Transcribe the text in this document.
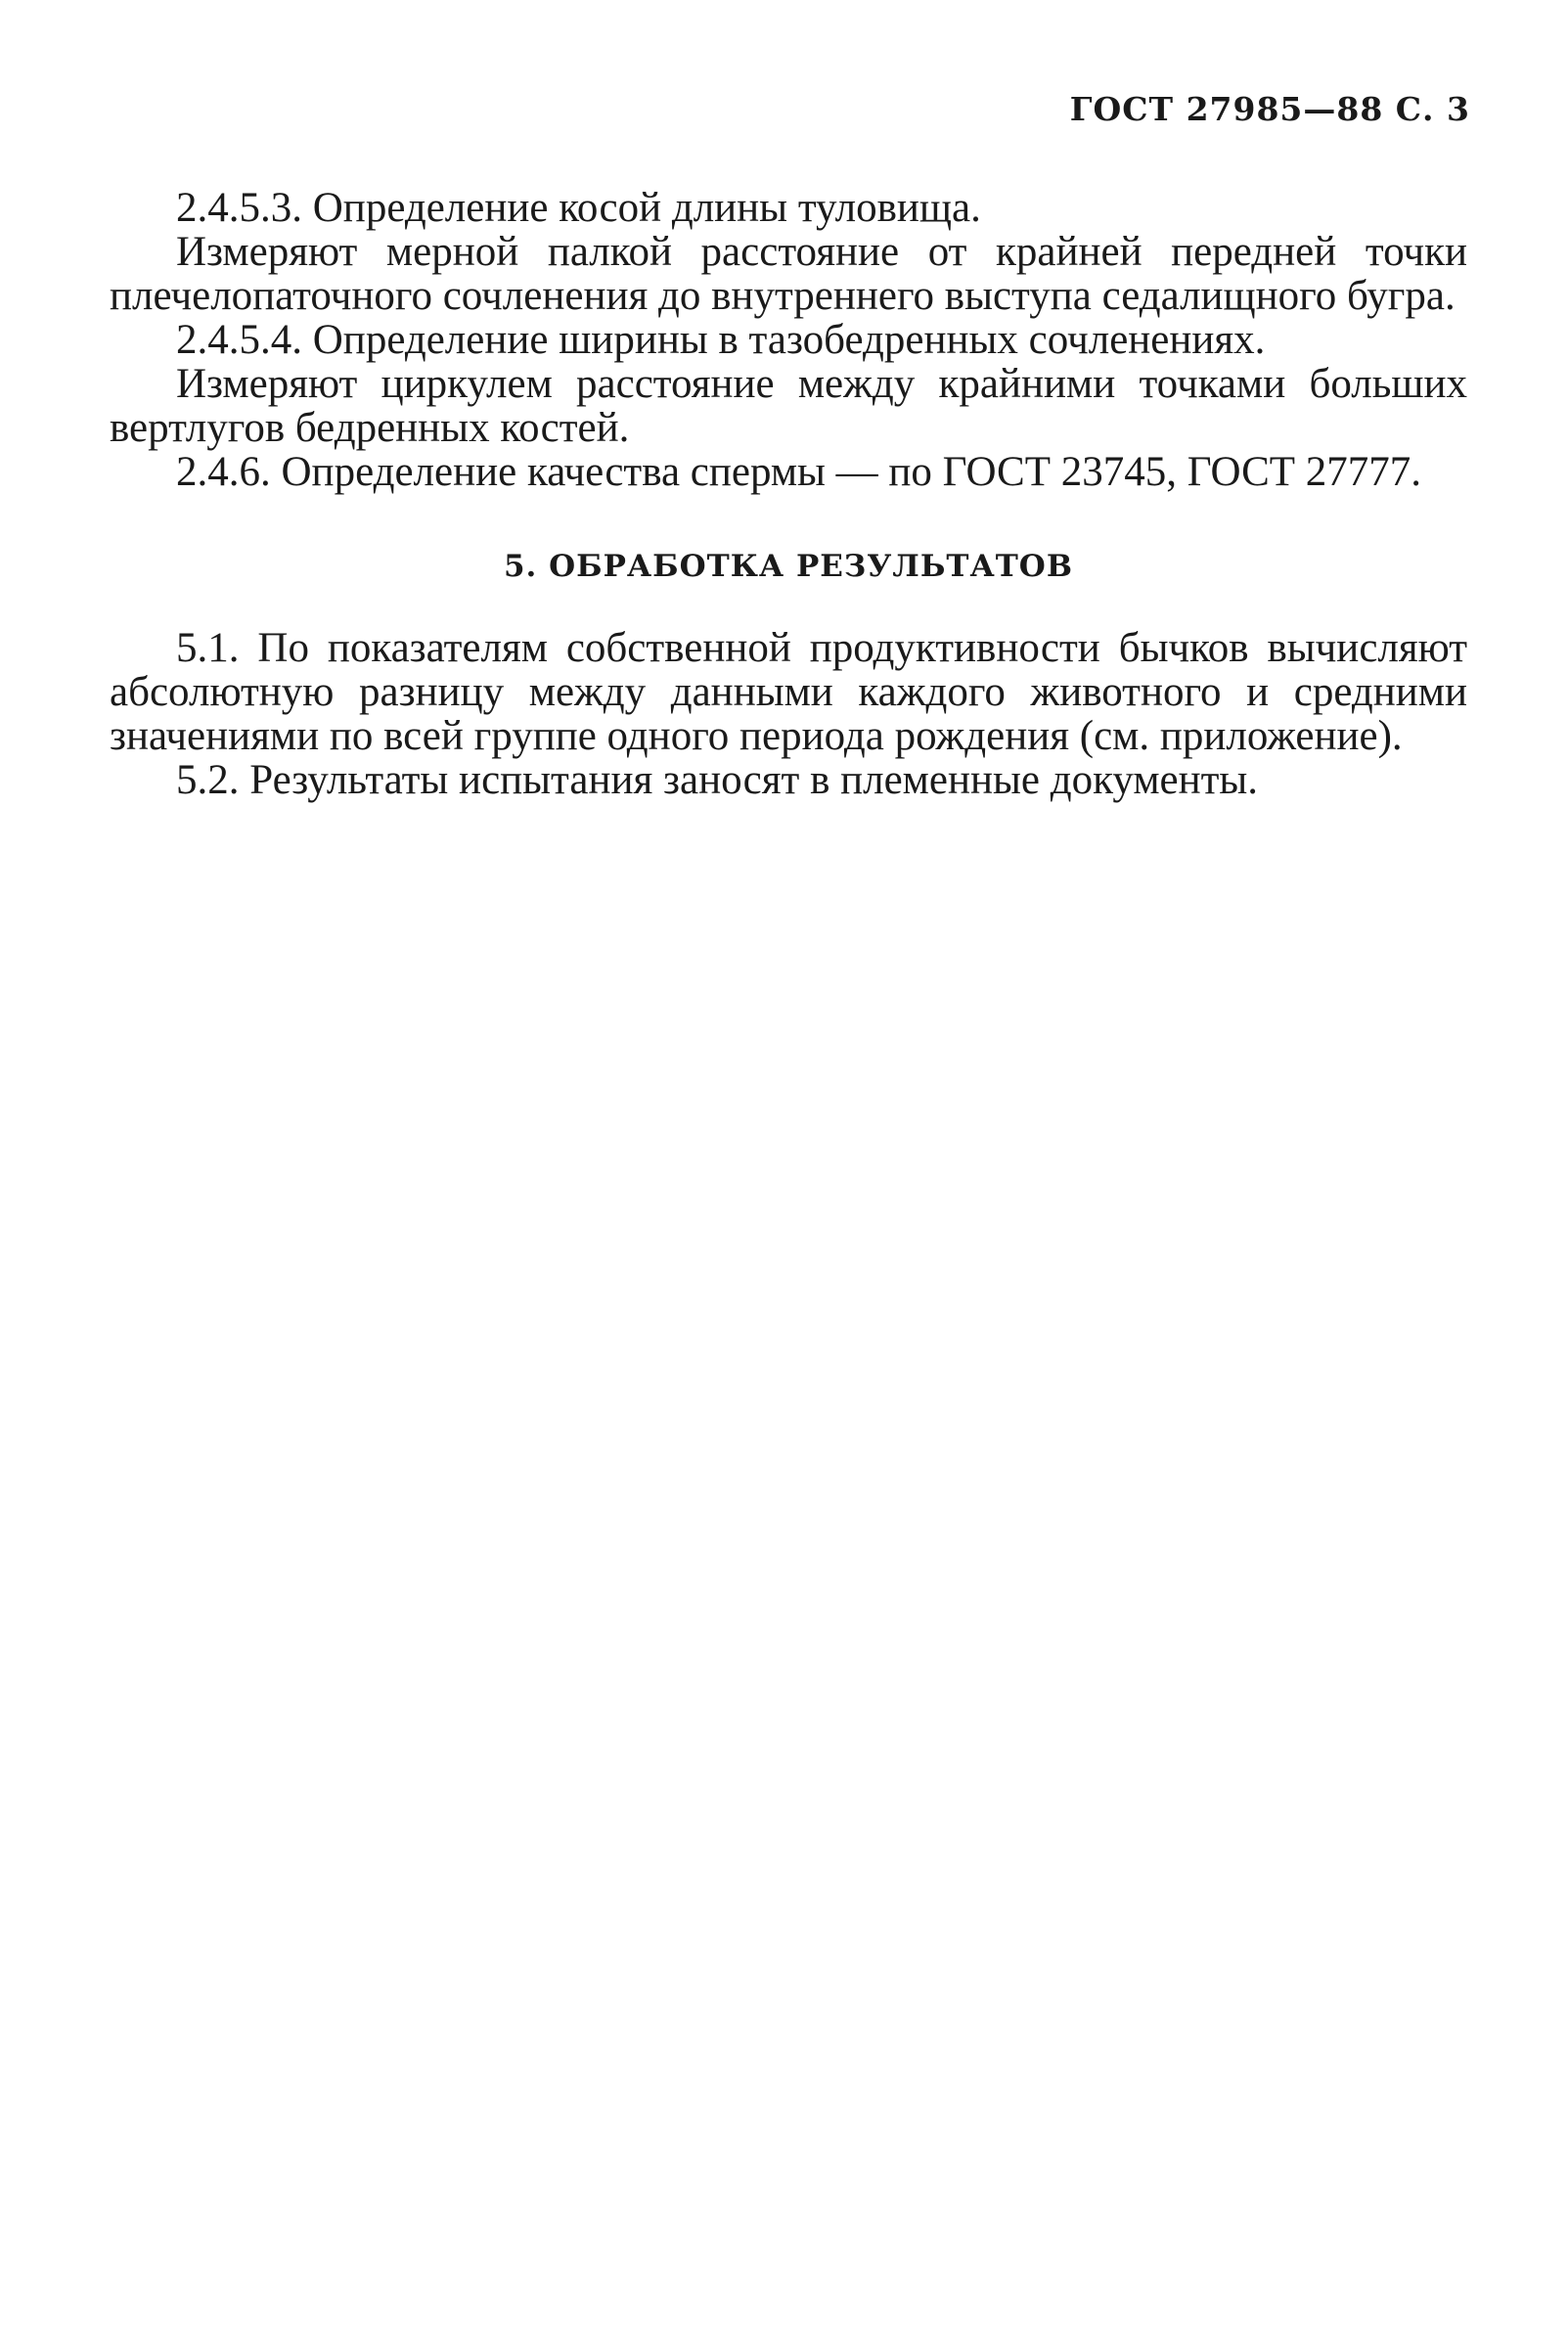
ГОСТ 27985—88 С. 3

2.4.5.3. Определение косой длины туловища.

Измеряют мерной палкой расстояние от крайней передней точки плечелопаточного сочленения до внутреннего выступа седалищного бугра.

2.4.5.4. Определение ширины в тазобедренных сочленениях.

Измеряют циркулем расстояние между крайними точками больших вертлугов бедренных костей.

2.4.6. Определение качества спермы — по ГОСТ 23745, ГОСТ 27777.

5. ОБРАБОТКА РЕЗУЛЬТАТОВ

5.1. По показателям собственной продуктивности бычков вычисляют абсолютную разницу между данными каждого животного и средними значениями по всей группе одного периода рождения (см. приложение).

5.2. Результаты испытания заносят в племенные документы.
